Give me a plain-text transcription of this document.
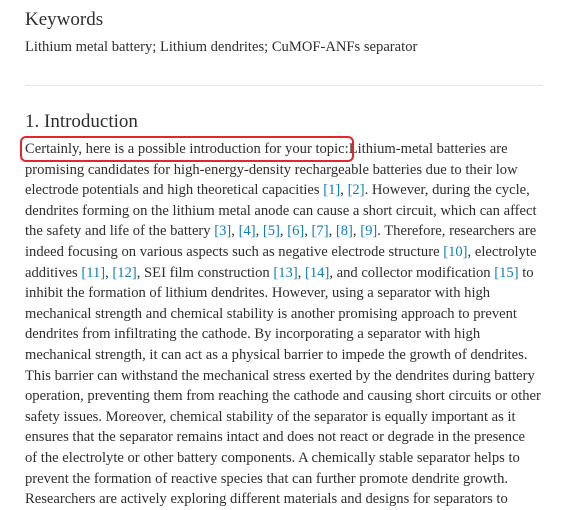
Keywords
Lithium metal battery; Lithium dendrites; CuMOF-ANFs separator
1. Introduction
Certainly, here is a possible introduction for your topic:Lithium-metal batteries are
promising candidates for high-energy-density rechargeable batteries due to their low
electrode potentials and high theoretical capacities [1], [2]. However, during the cycle,
dendrites forming on the lithium metal anode can cause a short circuit, which can affect
the safety and life of the battery [3], [4], [5], [6], [7], [8], [9]. Therefore, researchers are
indeed focusing on various aspects such as negative electrode structure [10], electrolyte
additives [11], [12], SEI film construction [13], [14], and collector modification [15] to
inhibit the formation of lithium dendrites. However, using a separator with high
mechanical strength and chemical stability is another promising approach to prevent
dendrites from infiltrating the cathode. By incorporating a separator with high
mechanical strength, it can act as a physical barrier to impede the growth of dendrites.
This barrier can withstand the mechanical stress exerted by the dendrites during battery
operation, preventing them from reaching the cathode and causing short circuits or other
safety issues. Moreover, chemical stability of the separator is equally important as it
ensures that the separator remains intact and does not react or degrade in the presence
of the electrolyte or other battery components. A chemically stable separator helps to
prevent the formation of reactive species that can further promote dendrite growth.
Researchers are actively exploring different materials and designs for separators to
